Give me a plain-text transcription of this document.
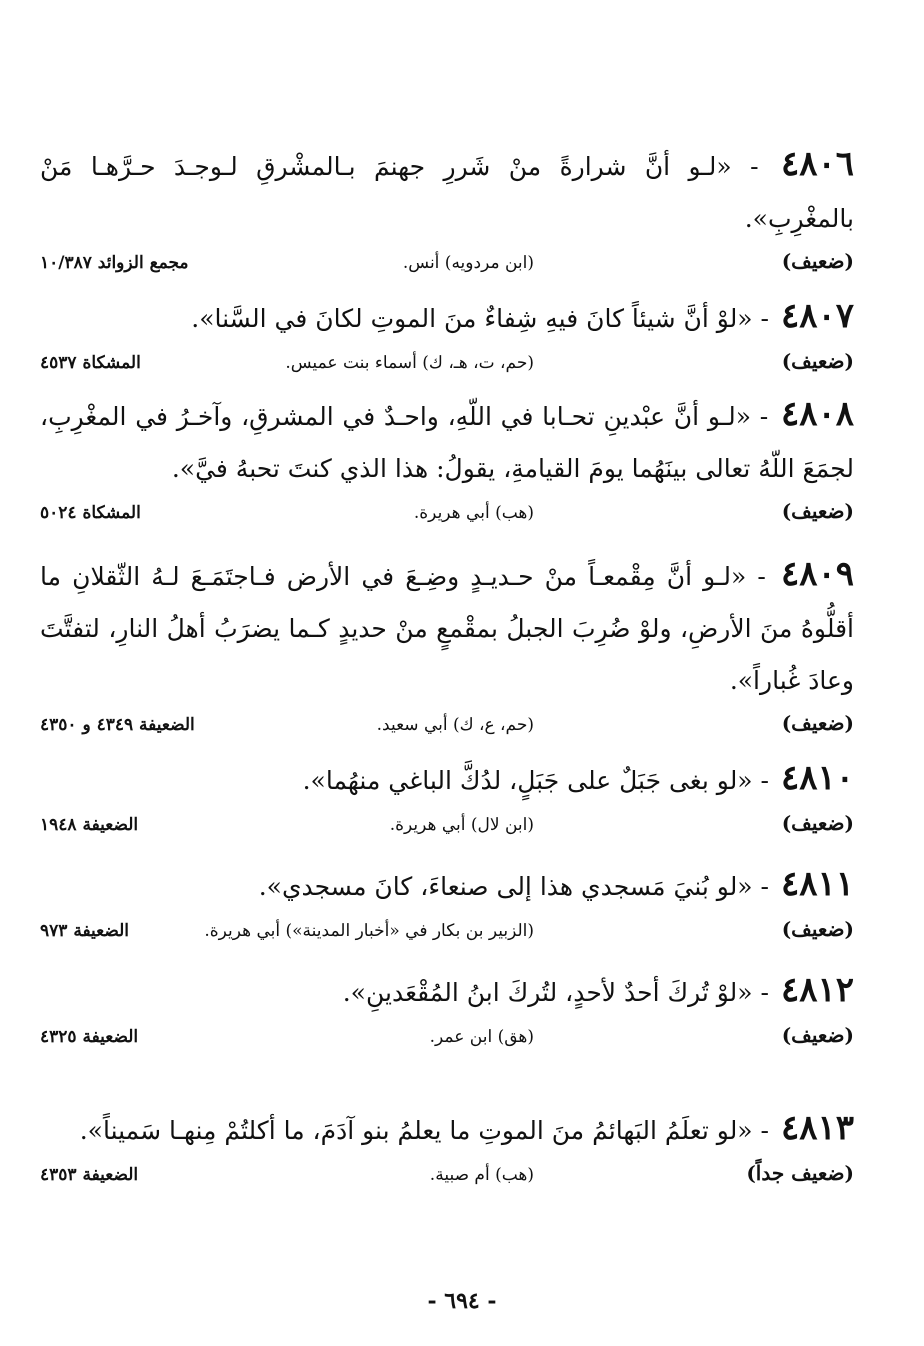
٤٨٠٦ - «لـو أنَّ شرارةً منْ شَررِ جهنمَ بـالمشْرقِ لـوجـدَ حـرَّهـا مَنْ بالمغْرِبِ».

(ضعيف)
(ابن مردويه) أنس.
مجمع الزوائد ١٠/٣٨٧

٤٨٠٧ - «لوْ أنَّ شيئاً كانَ فيهِ شِفاءٌ منَ الموتِ لكانَ في السَّنا».

(ضعيف)
(حم، ت، هـ، ك) أسماء بنت عميس.
المشكاة ٤٥٣٧

٤٨٠٨ - «لـو أنَّ عبْدينِ تحـابا في اللّهِ، واحـدٌ في المشرقِ، وآخـرُ في المغْرِبِ، لجمَعَ اللّهُ تعالى بينَهُما يومَ القيامةِ، يقولُ: هذا الذي كنتَ تحبهُ فيَّ».

(ضعيف)
(هب) أبي هريرة.
المشكاة ٥٠٢٤

٤٨٠٩ - «لـو أنَّ مِقْمعـاً منْ حـديـدٍ وضِـعَ في الأرض فـاجتَمَـعَ لـهُ الثّقلانِ ما أقلُّوهُ منَ الأرضِ، ولوْ ضُرِبَ الجبلُ بمقْمعٍ منْ حديدٍ كـما يضرَبُ أهلُ النارِ، لتفتَّتَ وعادَ غُباراً».

(ضعيف)
(حم، ع، ك) أبي سعيد.
الضعيفة ٤٣٤٩ و ٤٣٥٠

٤٨١٠ - «لو بغى جَبَلٌ على جَبَلٍ، لدُكَّ الباغي منهُما».

(ضعيف)
(ابن لال) أبي هريرة.
الضعيفة ١٩٤٨

٤٨١١ - «لو بُنيَ مَسجدي هذا إلى صنعاءَ، كانَ مسجدي».

(ضعيف)
(الزبير بن بكار في «أخبار المدينة») أبي هريرة.
الضعيفة ٩٧٣

٤٨١٢ - «لوْ تُركَ أحدٌ لأحدٍ، لتُركَ ابنُ المُقْعَدينِ».

(ضعيف)
(هق) ابن عمر.
الضعيفة ٤٣٢٥

٤٨١٣ - «لو تعلَمُ البَهائمُ منَ الموتِ ما يعلمُ بنو آدَمَ، ما أكلتُمْ مِنهـا سَميناً».

(ضعيف جداً)
(هب) أم صبية.
الضعيفة ٤٣٥٣
- ٦٩٤ -
